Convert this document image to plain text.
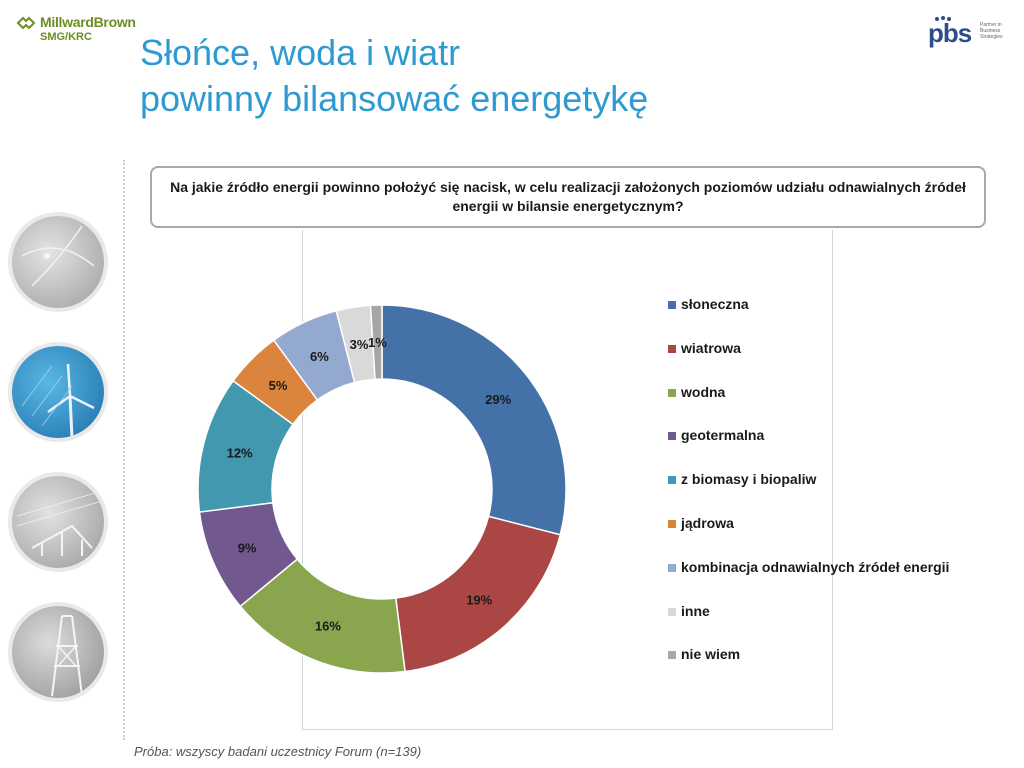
MillwardBrown
SMG/KRC	pbs Partner in Business Strategies
Słońce, woda i wiatr
powinny bilansować energetykę
Na jakie źródło energii powinno położyć się nacisk, w celu realizacji założonych poziomów udziału odnawialnych źródeł energii w bilansie energetycznym?
29%
19%
16%
9%
12%
5%
6%
3% 1%
słoneczna
wiatrowa
wodna
geotermalna
z biomasy i biopaliw
jądrowa
kombinacja odnawialnych źródeł energii
inne
nie wiem
Próba: wszyscy badani uczestnicy Forum (n=139)
